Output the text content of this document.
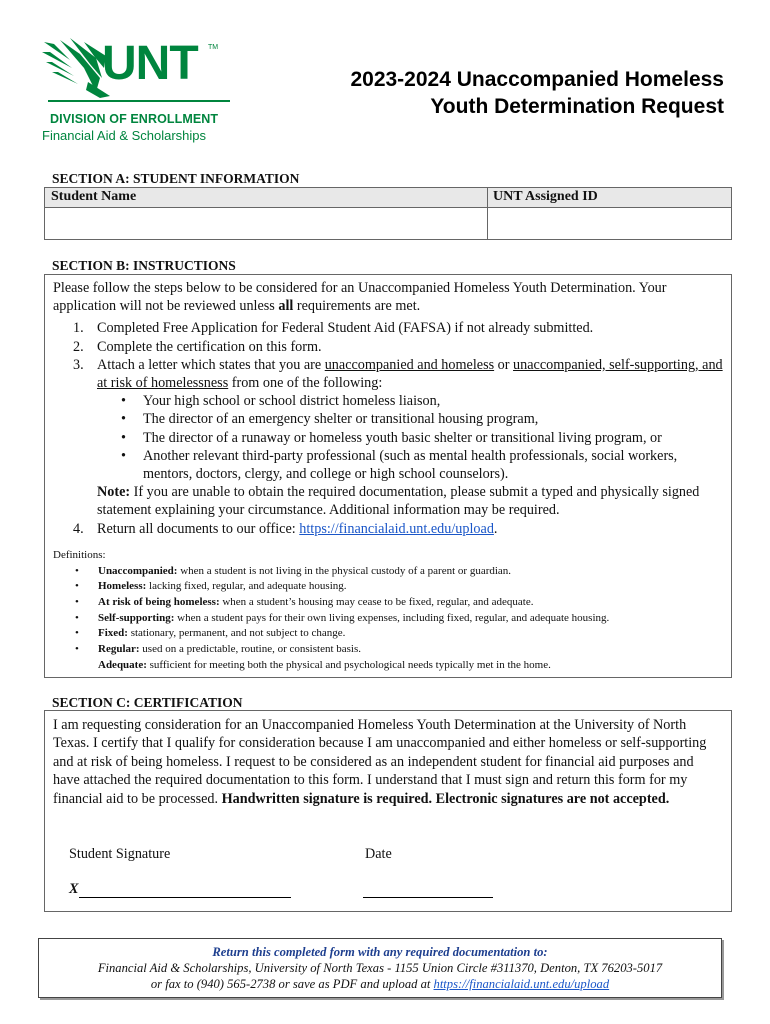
UNT TM
DIVISION OF ENROLLMENT
Financial Aid & Scholarships
2023-2024 Unaccompanied Homeless
Youth Determination Request
SECTION A: STUDENT INFORMATION
Student Name	UNT Assigned ID
SECTION B: INSTRUCTIONS
Please follow the steps below to be considered for an Unaccompanied Homeless Youth Determination. Your application will not be reviewed unless all requirements are met.
1. Completed Free Application for Federal Student Aid (FAFSA) if not already submitted.
2. Complete the certification on this form.
3. Attach a letter which states that you are unaccompanied and homeless or unaccompanied, self-supporting, and at risk of homelessness from one of the following:
• Your high school or school district homeless liaison,
• The director of an emergency shelter or transitional housing program,
• The director of a runaway or homeless youth basic shelter or transitional living program, or
• Another relevant third-party professional (such as mental health professionals, social workers, mentors, doctors, clergy, and college or high school counselors).
Note: If you are unable to obtain the required documentation, please submit a typed and physically signed statement explaining your circumstance. Additional information may be required.
4. Return all documents to our office: https://financialaid.unt.edu/upload.
Definitions:
• Unaccompanied: when a student is not living in the physical custody of a parent or guardian.
• Homeless: lacking fixed, regular, and adequate housing.
• At risk of being homeless: when a student’s housing may cease to be fixed, regular, and adequate.
• Self-supporting: when a student pays for their own living expenses, including fixed, regular, and adequate housing.
• Fixed: stationary, permanent, and not subject to change.
• Regular: used on a predictable, routine, or consistent basis.
Adequate: sufficient for meeting both the physical and psychological needs typically met in the home.
SECTION C: CERTIFICATION
I am requesting consideration for an Unaccompanied Homeless Youth Determination at the University of North Texas. I certify that I qualify for consideration because I am unaccompanied and either homeless or self-supporting and at risk of being homeless. I request to be considered as an independent student for financial aid purposes and have attached the required documentation to this form. I understand that I must sign and return this form for my financial aid to be processed. Handwritten signature is required. Electronic signatures are not accepted.
Student Signature	Date
X
Return this completed form with any required documentation to:
Financial Aid & Scholarships, University of North Texas - 1155 Union Circle #311370, Denton, TX 76203-5017
or fax to (940) 565-2738 or save as PDF and upload at https://financialaid.unt.edu/upload
